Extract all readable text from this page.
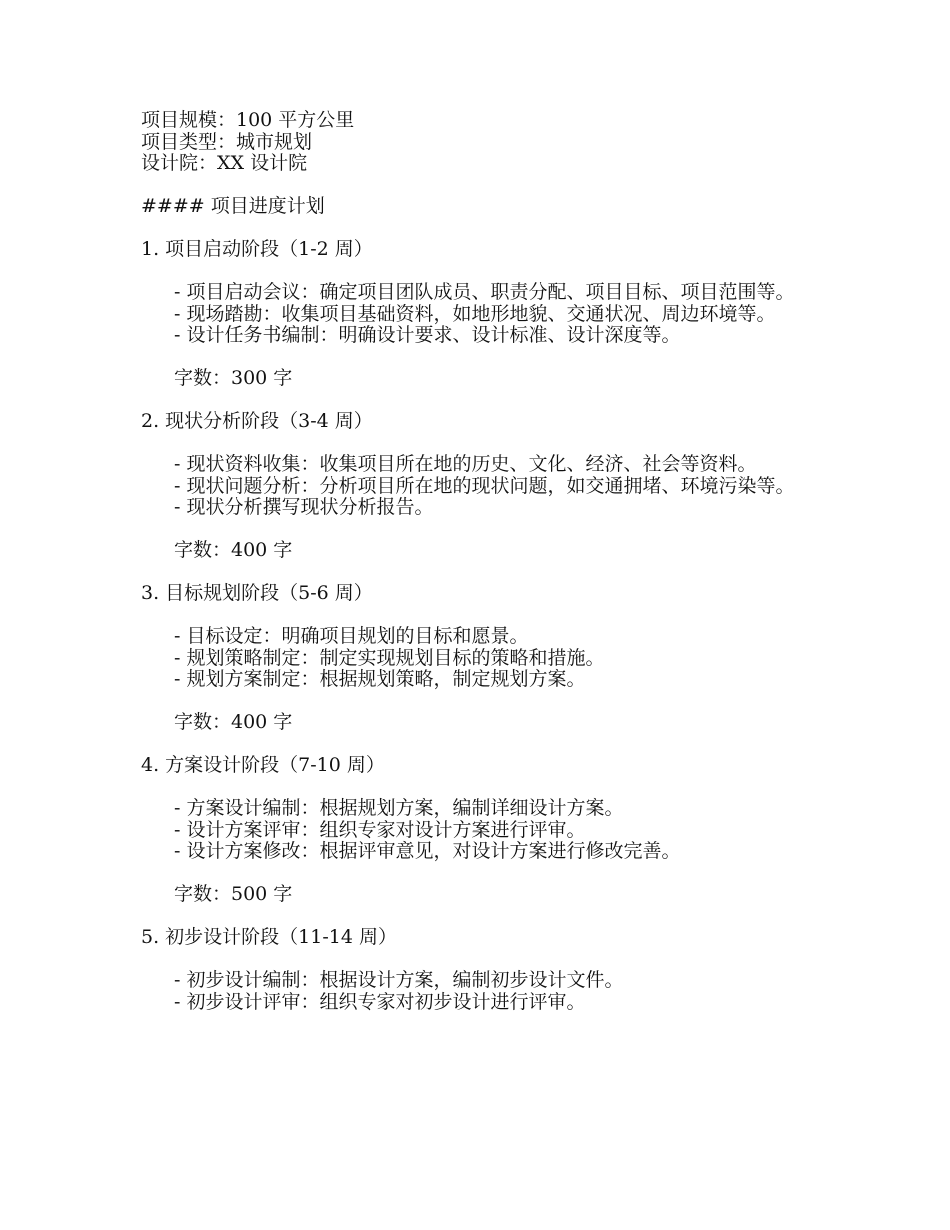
项目规模：100 平方公里
项目类型：城市规划
设计院：XX 设计院
#### 项目进度计划
1. 项目启动阶段（1-2 周）
- 项目启动会议：确定项目团队成员、职责分配、项目目标、项目范围等。
- 现场踏勘：收集项目基础资料，如地形地貌、交通状况、周边环境等。
- 设计任务书编制：明确设计要求、设计标准、设计深度等。
字数：300 字
2. 现状分析阶段（3-4 周）
- 现状资料收集：收集项目所在地的历史、文化、经济、社会等资料。
- 现状问题分析：分析项目所在地的现状问题，如交通拥堵、环境污染等。
- 现状分析撰写现状分析报告。
字数：400 字
3. 目标规划阶段（5-6 周）
- 目标设定：明确项目规划的目标和愿景。
- 规划策略制定：制定实现规划目标的策略和措施。
- 规划方案制定：根据规划策略，制定规划方案。
字数：400 字
4. 方案设计阶段（7-10 周）
- 方案设计编制：根据规划方案，编制详细设计方案。
- 设计方案评审：组织专家对设计方案进行评审。
- 设计方案修改：根据评审意见，对设计方案进行修改完善。
字数：500 字
5. 初步设计阶段（11-14 周）
- 初步设计编制：根据设计方案，编制初步设计文件。
- 初步设计评审：组织专家对初步设计进行评审。
